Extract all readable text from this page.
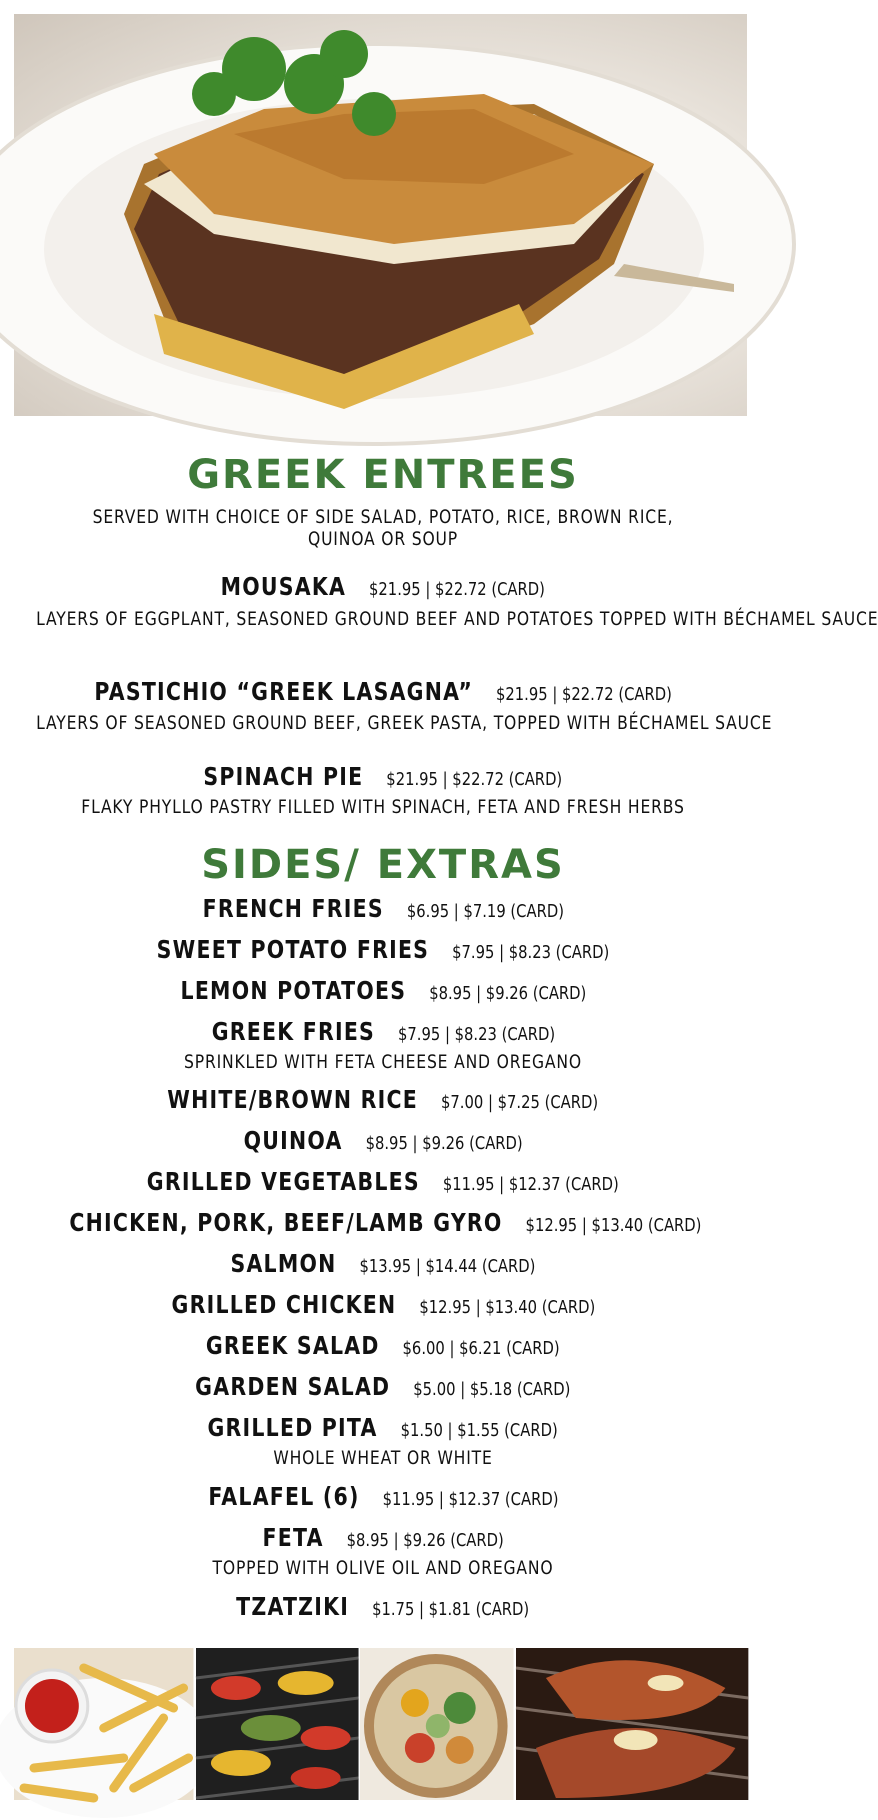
GREEK ENTREES
SERVED WITH CHOICE OF SIDE SALAD, POTATO, RICE, BROWN RICE, QUINOA OR SOUP
MOUSAKA $21.95 | $22.72 (CARD)
LAYERS OF EGGPLANT, SEASONED GROUND BEEF AND POTATOES TOPPED WITH BÉCHAMEL SAUCE
PASTICHIO “GREEK LASAGNA” $21.95 | $22.72 (CARD)
LAYERS OF SEASONED GROUND BEEF, GREEK PASTA, TOPPED WITH BÉCHAMEL SAUCE
SPINACH PIE $21.95 | $22.72 (CARD)
FLAKY PHYLLO PASTRY FILLED WITH SPINACH, FETA AND FRESH HERBS
SIDES/ EXTRAS
FRENCH FRIES $6.95 | $7.19 (CARD)
SWEET POTATO FRIES $7.95 | $8.23 (CARD)
LEMON POTATOES $8.95 | $9.26 (CARD)
GREEK FRIES $7.95 | $8.23 (CARD)
SPRINKLED WITH FETA CHEESE AND OREGANO
WHITE/BROWN RICE $7.00 | $7.25 (CARD)
QUINOA $8.95 | $9.26 (CARD)
GRILLED VEGETABLES $11.95 | $12.37 (CARD)
CHICKEN, PORK, BEEF/LAMB GYRO $12.95 | $13.40 (CARD)
SALMON $13.95 | $14.44 (CARD)
GRILLED CHICKEN $12.95 | $13.40 (CARD)
GREEK SALAD $6.00 | $6.21 (CARD)
GARDEN SALAD $5.00 | $5.18 (CARD)
GRILLED PITA $1.50 | $1.55 (CARD)
WHOLE WHEAT OR WHITE
FALAFEL (6) $11.95 | $12.37 (CARD)
FETA $8.95 | $9.26 (CARD)
TOPPED WITH OLIVE OIL AND OREGANO
TZATZIKI $1.75 | $1.81 (CARD)
